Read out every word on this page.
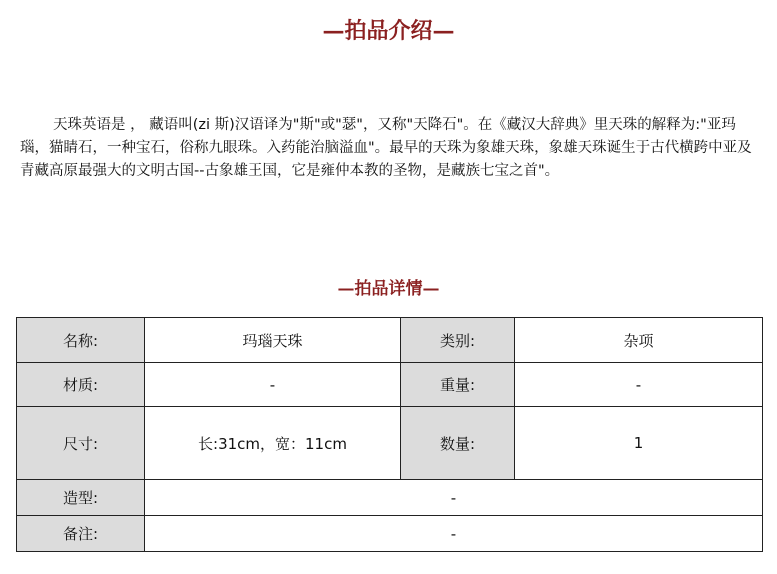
—拍品介绍—

天珠英语是 ， 藏语叫(zi 斯)汉语译为"斯"或"瑟"，又称"天降石"。在《藏汉大辞典》里天珠的解释为:"亚玛瑙，猫睛石，一种宝石，俗称九眼珠。入药能治脑溢血"。最早的天珠为象雄天珠，象雄天珠诞生于古代横跨中亚及青藏高原最强大的文明古国--古象雄王国，它是雍仲本教的圣物，是藏族七宝之首"。

—拍品详情—
名称:	玛瑙天珠	类别:	杂项
材质:	-	重量:	-
尺寸:	长:31cm，宽：11cm	数量:	1
造型:	-		
备注:	-		
